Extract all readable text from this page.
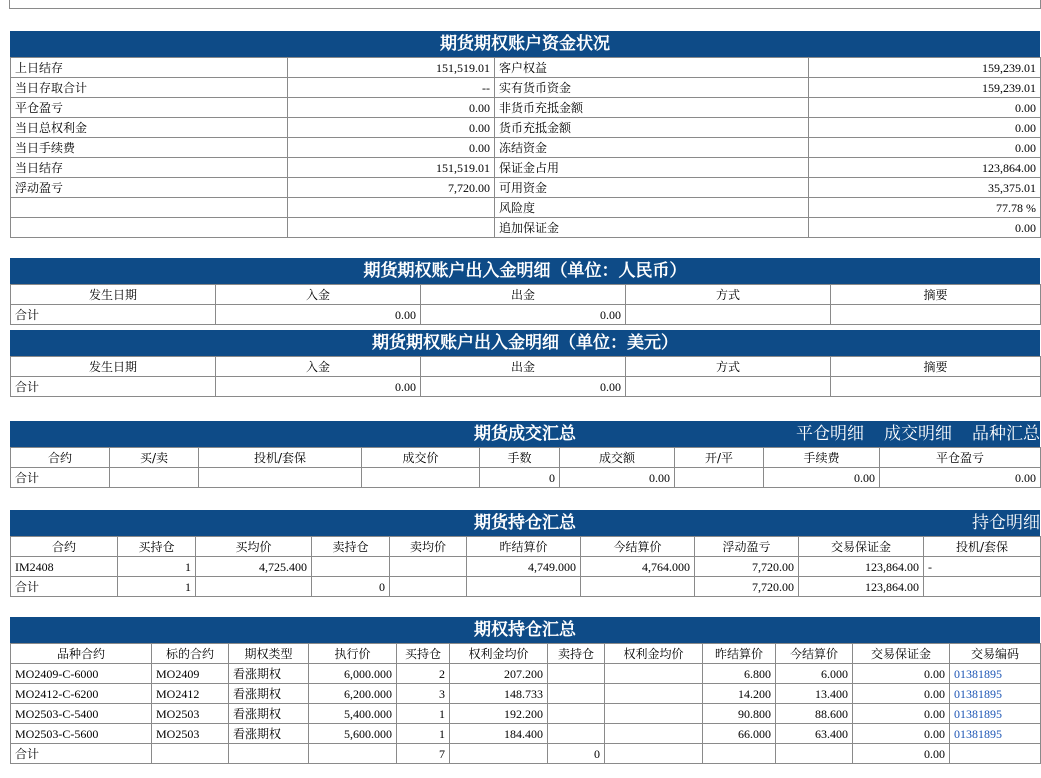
期货期权账户资金状况
上日结存	151,519.01	客户权益	159,239.01
当日存取合计	--	实有货币资金	159,239.01
平仓盈亏	0.00	非货币充抵金额	0.00
当日总权利金	0.00	货币充抵金额	0.00
当日手续费	0.00	冻结资金	0.00
当日结存	151,519.01	保证金占用	123,864.00
浮动盈亏	7,720.00	可用资金	35,375.01
		风险度	77.78 %
		追加保证金	0.00
期货期权账户出入金明细（单位：人民币）
发生日期	入金	出金	方式	摘要
合计	0.00	0.00		
期货期权账户出入金明细（单位：美元）
发生日期	入金	出金	方式	摘要
合计	0.00	0.00		
期货成交汇总	平仓明细 成交明细 品种汇总
合约	买/卖	投机/套保	成交价	手数	成交额	开/平	手续费	平仓盈亏
合计				0	0.00		0.00	0.00
期货持仓汇总	持仓明细
合约	买持仓	买均价	卖持仓	卖均价	昨结算价	今结算价	浮动盈亏	交易保证金	投机/套保
IM2408	1	4,725.400			4,749.000	4,764.000	7,720.00	123,864.00	-
合计	1		0				7,720.00	123,864.00	
期权持仓汇总
品种合约	标的合约	期权类型	执行价	买持仓	权利金均价	卖持仓	权利金均价	昨结算价	今结算价	交易保证金	交易编码
MO2409-C-6000	MO2409	看涨期权	6,000.000	2	207.200			6.800	6.000	0.00	01381895
MO2412-C-6200	MO2412	看涨期权	6,200.000	3	148.733			14.200	13.400	0.00	01381895
MO2503-C-5400	MO2503	看涨期权	5,400.000	1	192.200			90.800	88.600	0.00	01381895
MO2503-C-5600	MO2503	看涨期权	5,600.000	1	184.400			66.000	63.400	0.00	01381895
合计				7		0				0.00	
